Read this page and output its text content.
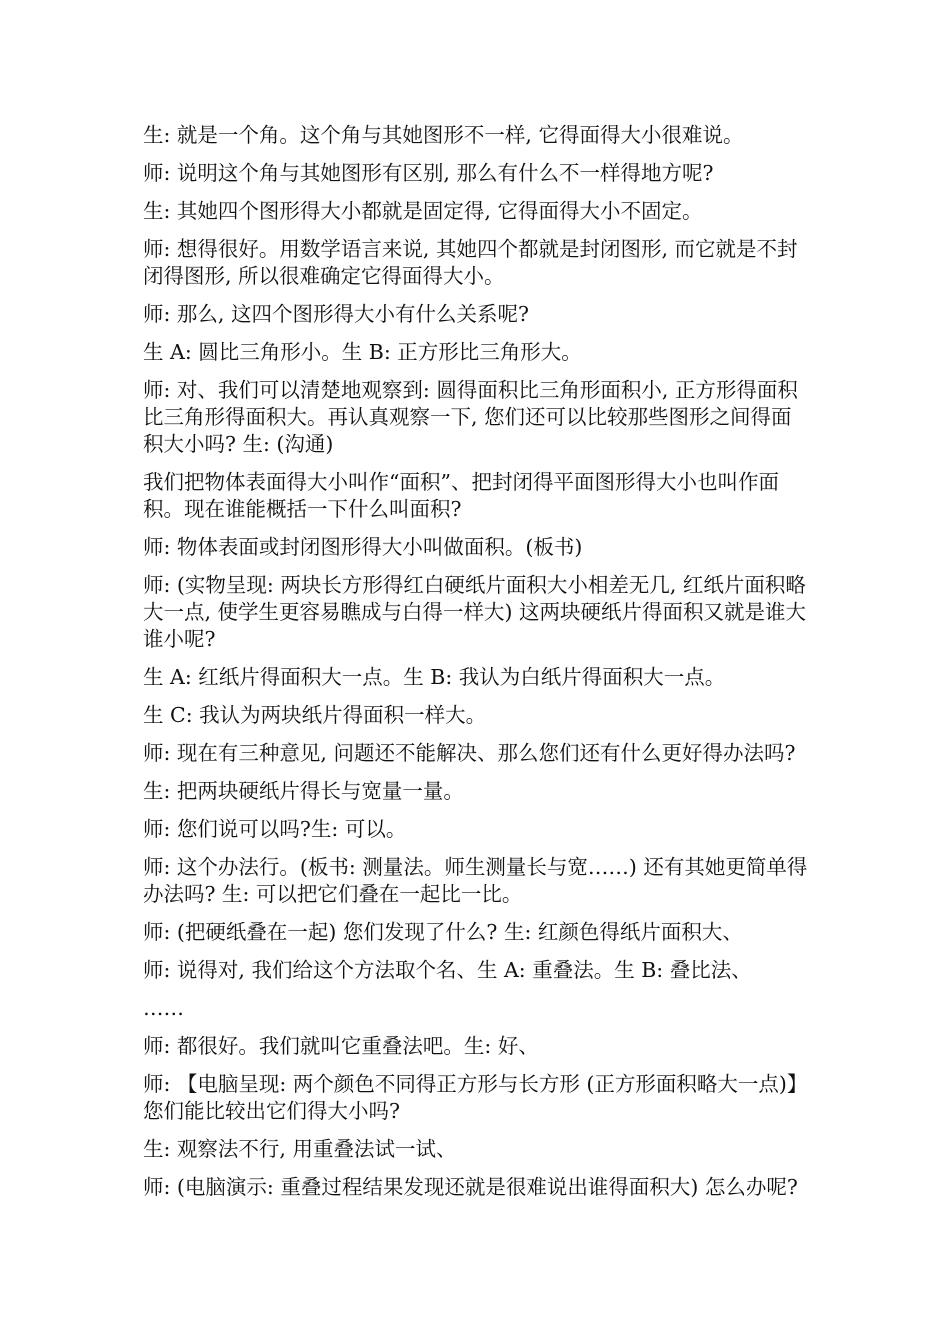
生: 就是一个角。这个角与其她图形不一样, 它得面得大小很难说。

师: 说明这个角与其她图形有区别, 那么有什么不一样得地方呢?

生: 其她四个图形得大小都就是固定得, 它得面得大小不固定。

师: 想得很好。用数学语言来说, 其她四个都就是封闭图形, 而它就是不封闭得图形, 所以很难确定它得面得大小。

师: 那么, 这四个图形得大小有什么关系呢?

生 A: 圆比三角形小。生 B: 正方形比三角形大。

师: 对、我们可以清楚地观察到: 圆得面积比三角形面积小, 正方形得面积比三角形得面积大。再认真观察一下, 您们还可以比较那些图形之间得面积大小吗? 生: (沟通)

我们把物体表面得大小叫作“面积”、把封闭得平面图形得大小也叫作面积。现在谁能概括一下什么叫面积?

师: 物体表面或封闭图形得大小叫做面积。(板书)

师: (实物呈现: 两块长方形得红白硬纸片面积大小相差无几, 红纸片面积略大一点, 使学生更容易瞧成与白得一样大) 这两块硬纸片得面积又就是谁大谁小呢?

生 A: 红纸片得面积大一点。生 B: 我认为白纸片得面积大一点。

生 C: 我认为两块纸片得面积一样大。

师: 现在有三种意见, 问题还不能解决、那么您们还有什么更好得办法吗?

生: 把两块硬纸片得长与宽量一量。

师: 您们说可以吗?生: 可以。

师: 这个办法行。(板书: 测量法。师生测量长与宽……) 还有其她更简单得办法吗? 生: 可以把它们叠在一起比一比。

师: (把硬纸叠在一起) 您们发现了什么? 生: 红颜色得纸片面积大、

师: 说得对, 我们给这个方法取个名、生 A: 重叠法。生 B: 叠比法、

……

师: 都很好。我们就叫它重叠法吧。生: 好、

师: 【电脑呈现: 两个颜色不同得正方形与长方形 (正方形面积略大一点)】您们能比较出它们得大小吗?

生: 观察法不行, 用重叠法试一试、

师: (电脑演示: 重叠过程结果发现还就是很难说出谁得面积大) 怎么办呢?
